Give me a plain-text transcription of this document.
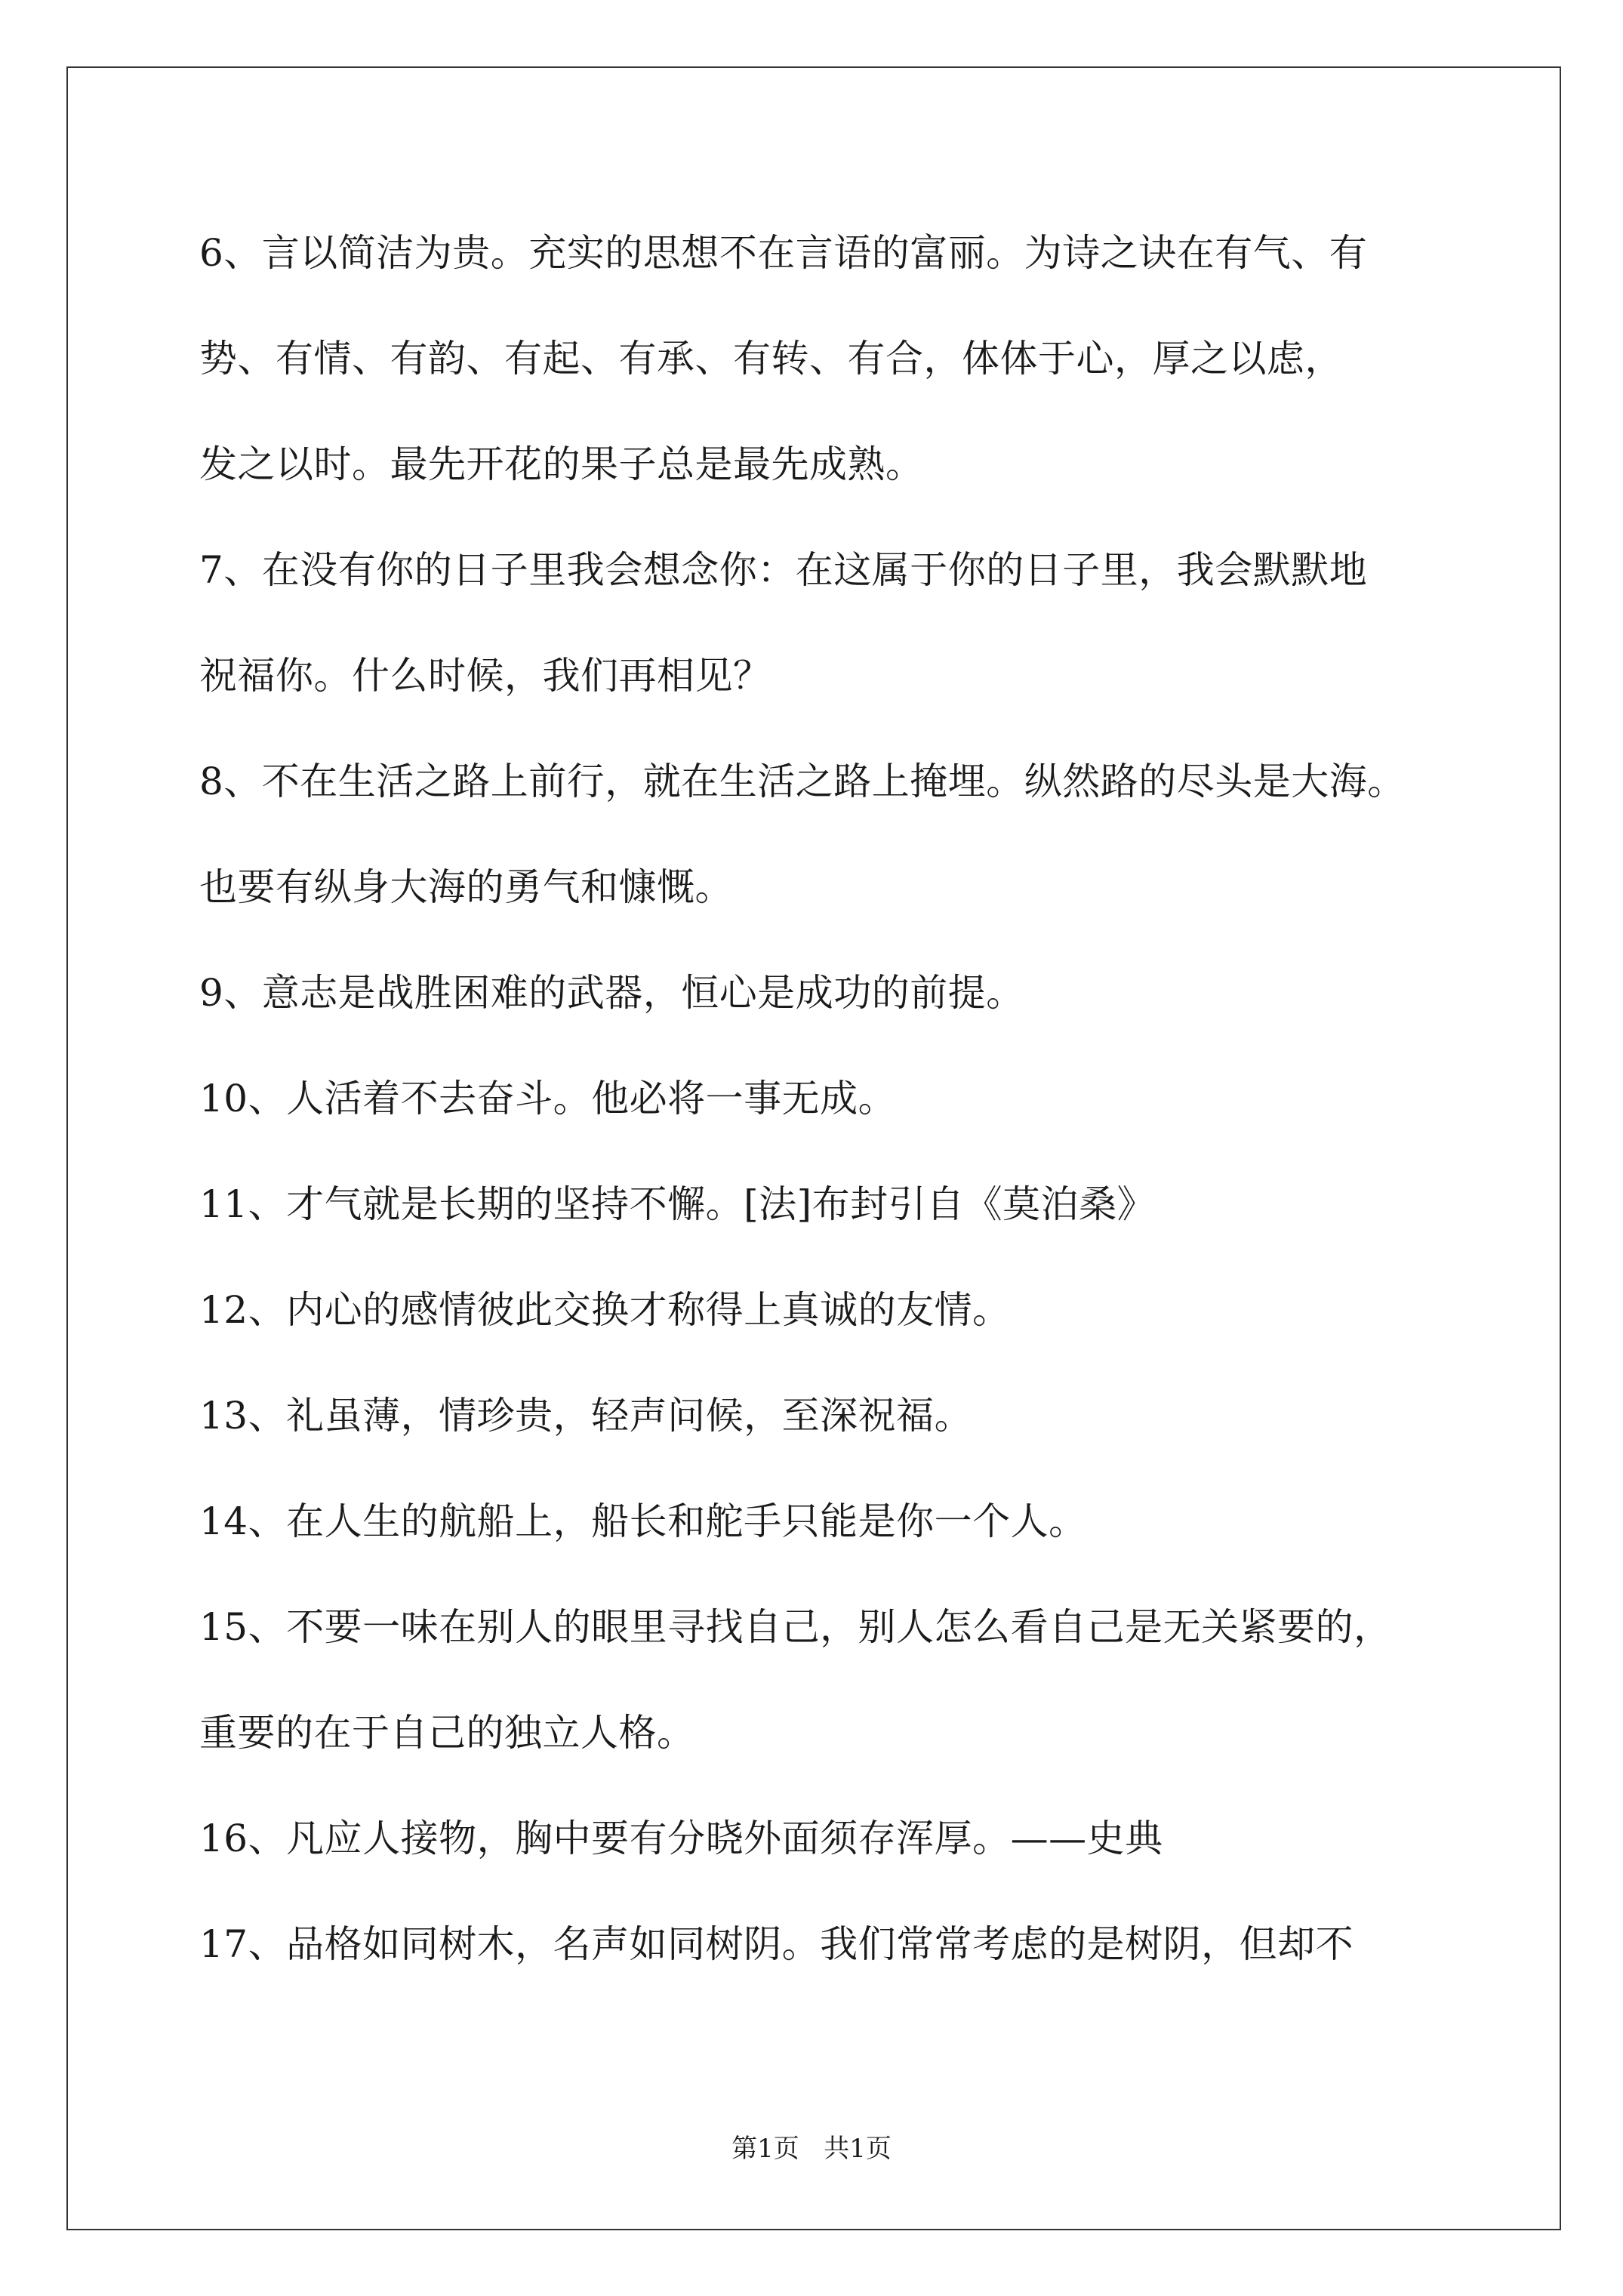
6、言以简洁为贵。充实的思想不在言语的富丽。为诗之诀在有气、有
势、有情、有韵、有起、有承、有转、有合，体体于心，厚之以虑，
发之以时。最先开花的果子总是最先成熟。
7、在没有你的日子里我会想念你：在这属于你的日子里，我会默默地
祝福你。什么时候，我们再相见？
8、不在生活之路上前行，就在生活之路上掩埋。纵然路的尽头是大海。
也要有纵身大海的勇气和慷慨。
9、意志是战胜困难的武器，恒心是成功的前提。
10、人活着不去奋斗。他必将一事无成。
11、才气就是长期的坚持不懈。[法]布封引自《莫泊桑》
12、内心的感情彼此交换才称得上真诚的友情。
13、礼虽薄，情珍贵，轻声问候，至深祝福。
14、在人生的航船上，船长和舵手只能是你一个人。
15、不要一味在别人的眼里寻找自己，别人怎么看自己是无关紧要的，
重要的在于自己的独立人格。
16、凡应人接物，胸中要有分晓外面须存浑厚。——史典
17、品格如同树木，名声如同树阴。我们常常考虑的是树阴，但却不
第1页   共1页
